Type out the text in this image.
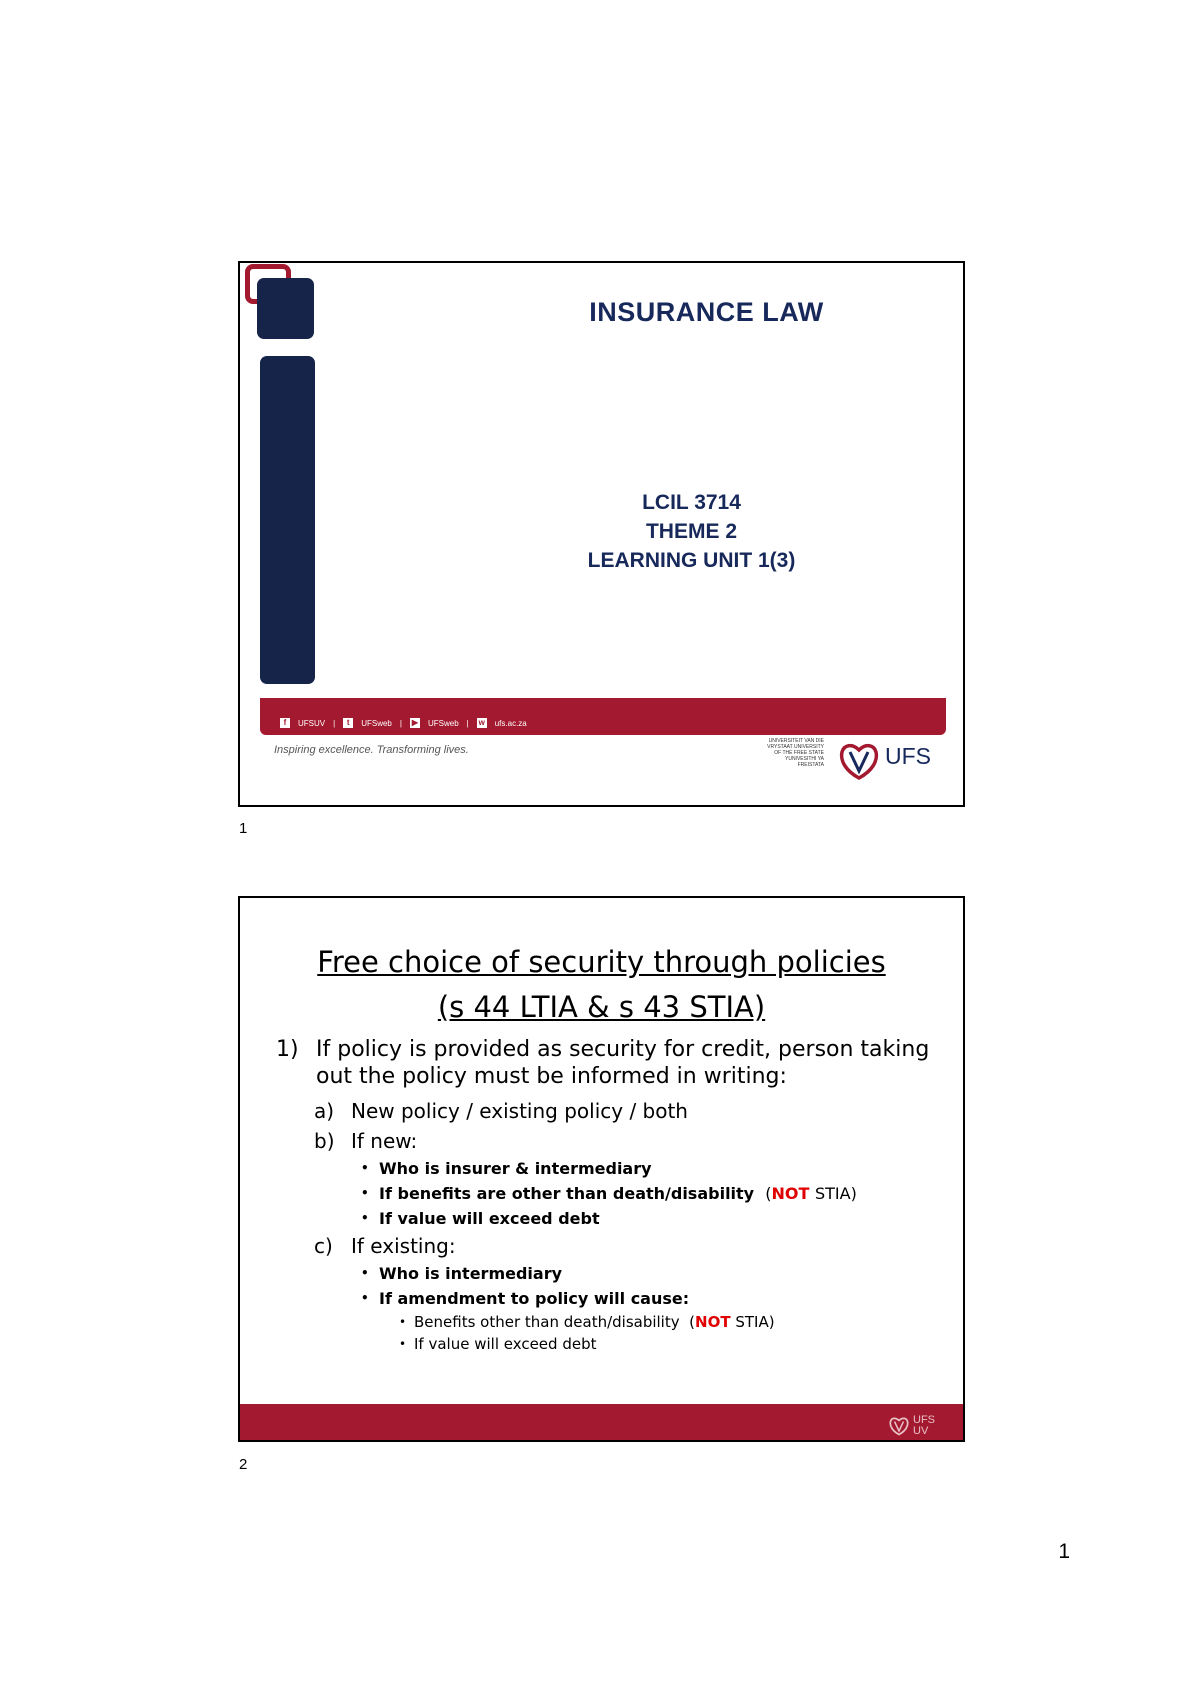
INSURANCE LAW
LCIL 3714
THEME 2
LEARNING UNIT 1(3)
f	UFSUV |	t	UFSweb | ▶ UFSweb | w ufs.ac.za
Inspiring excellence. Transforming lives.
UNIVERSITEIT VAN DIE VRYSTAAT UNIVERSITY OF THE FREE STATE YUNIVESITHI YA FREISTATA	UFS
1
Free choice of security through policies
(s 44 LTIA & s 43 STIA)
1) If policy is provided as security for credit, person taking out the policy must be informed in writing:
a) New policy / existing policy / both
b) If new:
• Who is insurer & intermediary
• If benefits are other than death/disability (NOT STIA)
• If value will exceed debt
c) If existing:
• Who is intermediary
• If amendment to policy will cause:
• Benefits other than death/disability (NOT STIA)
• If value will exceed debt

UFS
UV
2
1
